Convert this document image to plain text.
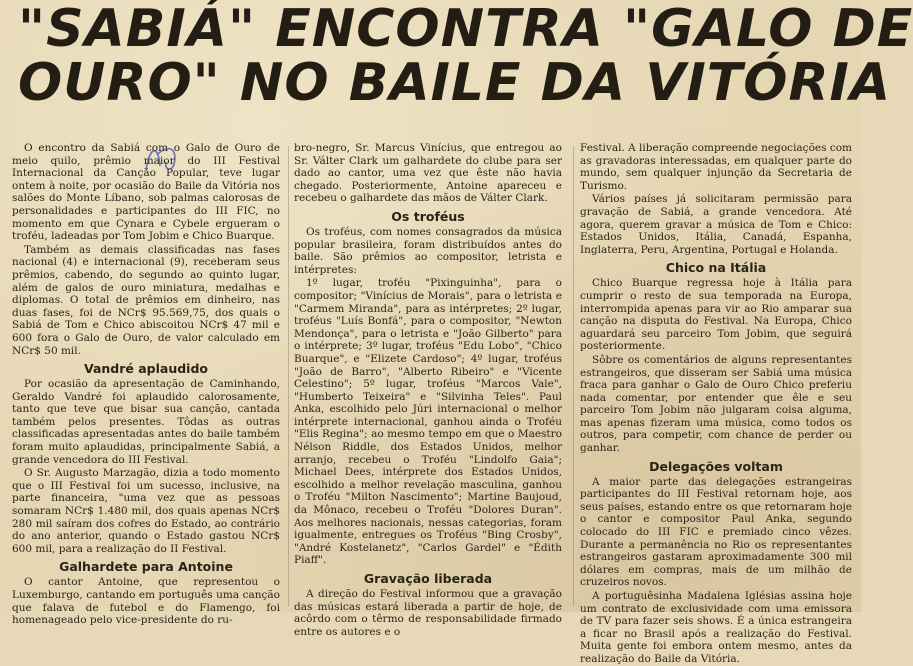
"SABIÁ" ENCONTRA "GALO DE
OURO" NO BAILE DA VITÓRIA

O encontro da Sabiá com o Galo de Ouro de meio quilo, prêmio maior do III Festival Internacional da Canção Popular, teve lugar ontem à noite, por ocasião do Baile da Vitória nos salões do Monte Líbano, sob palmas calorosas de personalidades e participantes do III FIC, no momento em que Cynara e Cybele ergueram o troféu, ladeadas por Tom Jobim e Chico Buarque.

Também as demais classificadas nas fases nacional (4) e internacional (9), receberam seus prêmios, cabendo, do segundo ao quinto lugar, além de galos de ouro miniatura, medalhas e diplomas. O total de prêmios em dinheiro, nas duas fases, foi de NCr$ 95.569,75, dos quais o Sabiá de Tom e Chico abiscoitou NCr$ 47 mil e 600 fora o Galo de Ouro, de valor calculado em NCr$ 50 mil.

Vandré aplaudido

Por ocasião da apresentação de Caminhando, Geraldo Vandré foi aplaudido calorosamente, tanto que teve que bisar sua canção, cantada também pelos presentes. Tôdas as outras classificadas apresentadas antes do baile também foram muito aplaudidas, principalmente Sabiá, a grande vencedora do III Festival.

O Sr. Augusto Marzagão, dizia a todo momento que o III Festival foi um sucesso, inclusive, na parte financeira, "uma vez que as pessoas somaram NCr$ 1.480 mil, dos quais apenas NCr$ 280 mil saíram dos cofres do Estado, ao contrário do ano anterior, quando o Estado gastou NCr$ 600 mil, para a realização do II Festival.

Galhardete para Antoine

O cantor Antoine, que representou o Luxemburgo, cantando em português uma canção que falava de futebol e do Flamengo, foi homenageado pelo vice-presidente do ru-

bro-negro, Sr. Marcus Vinícius, que entregou ao Sr. Válter Clark um galhardete do clube para ser dado ao cantor, uma vez que êste não havia chegado. Posteriormente, Antoine apareceu e recebeu o galhardete das mãos de Válter Clark.

Os troféus

Os troféus, com nomes consagrados da música popular brasileira, foram distribuídos antes do baile. São prêmios ao compositor, letrista e intérpretes:

1º lugar, troféu "Pixinguinha", para o compositor; "Vinícius de Morais", para o letrista e "Carmem Miranda", para as intérpretes; 2º lugar, troféus "Luís Bonfá", para o compositor, "Newton Mendonça", para o letrista e "João Gilberto" para o intérprete; 3º lugar, troféus "Edu Lobo", "Chico Buarque", e "Elizete Cardoso"; 4º lugar, troféus "João de Barro", "Alberto Ribeiro" e "Vicente Celestino"; 5º lugar, troféus "Marcos Vale", "Humberto Teixeira" e "Silvinha Teles". Paul Anka, escolhido pelo Júri internacional o melhor intérprete internacional, ganhou ainda o Troféu "Elis Regina"; ao mesmo tempo em que o Maestro Nélson Riddle, dos Estados Unidos, melhor arranjo, recebeu o Troféu "Lindolfo Gaia"; Michael Dees, intérprete dos Estados Unidos, escolhido a melhor revelação masculina, ganhou o Troféu "Milton Nascimento"; Martine Baujoud, da Mônaco, recebeu o Troféu "Dolores Duran". Aos melhores nacionais, nessas categorias, foram igualmente, entregues os Troféus "Bing Crosby", "André Kostelanetz", "Carlos Gardel" e "Édith Piaff".

Gravação liberada

A direção do Festival informou que a gravação das músicas estará liberada a partir de hoje, de acôrdo com o têrmo de responsabilidade firmado entre os autores e o

Festival. A liberação compreende negociações com as gravadoras interessadas, em qualquer parte do mundo, sem qualquer injunção da Secretaria de Turismo.

Vários países já solicitaram permissão para gravação de Sabiá, a grande vencedora. Até agora, querem gravar a música de Tom e Chico: Estados Unidos, Itália, Canadá, Espanha, Inglaterra, Peru, Argentina, Portugal e Holanda.

Chico na Itália

Chico Buarque regressa hoje à Itália para cumprir o resto de sua temporada na Europa, interrompida apenas para vir ao Rio amparar sua canção na disputa do Festival. Na Europa, Chico aguardará seu parceiro Tom Jobim, que seguirá posteriormente.

Sôbre os comentários de alguns representantes estrangeiros, que disseram ser Sabiá uma música fraca para ganhar o Galo de Ouro Chico preferiu nada comentar, por entender que êle e seu parceiro Tom Jobim não julgaram coisa alguma, mas apenas fizeram uma música, como todos os outros, para competir, com chance de perder ou ganhar.

Delegações voltam

A maior parte das delegações estrangeiras participantes do III Festival retornam hoje, aos seus países, estando entre os que retornaram hoje o cantor e compositor Paul Anka, segundo colocado do III FIC e premiado cinco vêzes. Durante a permanência no Rio os representantes estrangeiros gastaram aproximadamente 300 mil dólares em compras, mais de um milhão de cruzeiros novos.

A portuguêsinha Madalena Iglésias assina hoje um contrato de exclusividade com uma emissora de TV para fazer seis shows. É a única estrangeira a ficar no Brasil após a realização do Festival. Muita gente foi embora ontem mesmo, antes da realização do Baile da Vitória.
